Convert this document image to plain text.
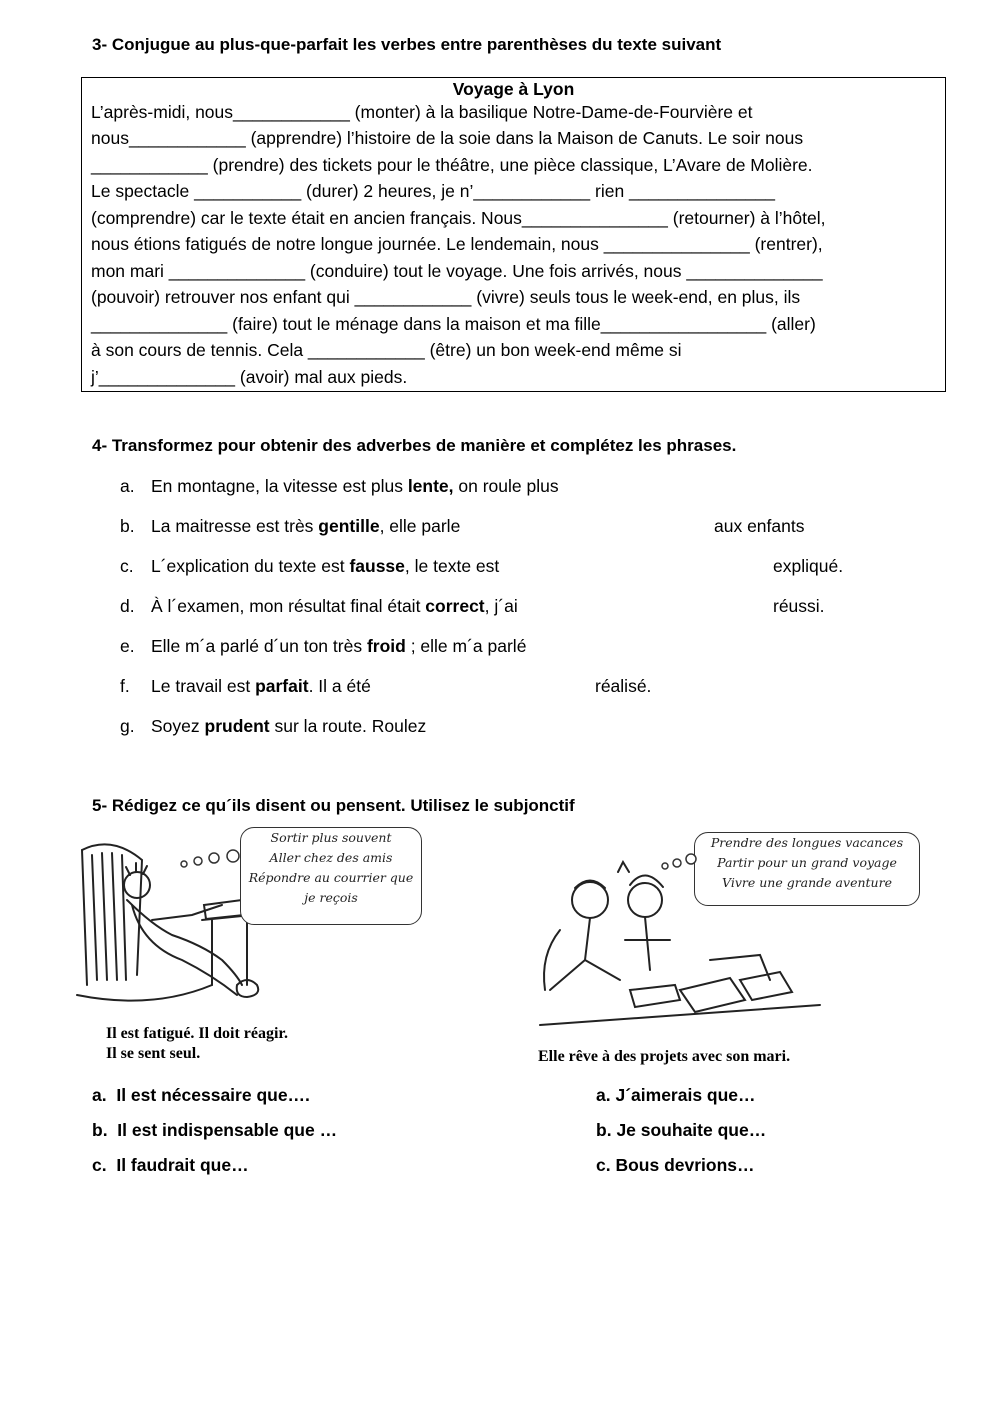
3- Conjugue au plus-que-parfait les verbes entre parenthèses du texte suivant
Voyage à Lyon
L’après-midi, nous____________ (monter) à la basilique Notre-Dame-de-Fourvière et
nous____________ (apprendre) l’histoire de la soie dans la Maison de Canuts. Le soir nous
____________ (prendre) des tickets pour le théâtre, une pièce classique, L’Avare de Molière.
Le spectacle ___________ (durer) 2 heures, je n’____________ rien _______________
(comprendre) car le texte était en ancien français. Nous_______________ (retourner) à l’hôtel,
nous étions fatigués de notre longue journée. Le lendemain, nous _______________ (rentrer),
mon mari ______________ (conduire) tout le voyage. Une fois arrivés, nous ______________
(pouvoir) retrouver nos enfant qui ____________ (vivre) seuls tous le week-end, en plus, ils
______________ (faire) tout le ménage dans la maison et ma fille_________________ (aller)
à son cours de tennis. Cela ____________ (être) un bon week-end même si
j’______________ (avoir) mal aux pieds.
4- Transformez pour obtenir des adverbes de manière et complétez les phrases.
a. En montagne, la vitesse est plus lente, on roule plus
b. La maitresse est très gentille, elle parle	aux enfants
c. L´explication du texte est fausse, le texte est	expliqué.
d. À l´examen, mon résultat final était correct, j´ai	réussi.
e. Elle m´a parlé d´un ton très froid ; elle m´a parlé
f. Le travail est parfait. Il a été	réalisé.
g. Soyez prudent sur la route. Roulez
5- Rédigez ce qu´ils disent ou pensent. Utilisez le subjonctif
Sortir plus souvent
Aller chez des amis
Répondre au courrier que
je reçois
Il est fatigué. Il doit réagir.
Il se sent seul.
Prendre des longues vacances
Partir pour un grand voyage
Vivre une grande aventure
Elle rêve à des projets avec son mari.
a. Il est nécessaire que….
b. Il est indispensable que …
c. Il faudrait que…
a. J´aimerais que…
b. Je souhaite que…
c. Bous devrions…
